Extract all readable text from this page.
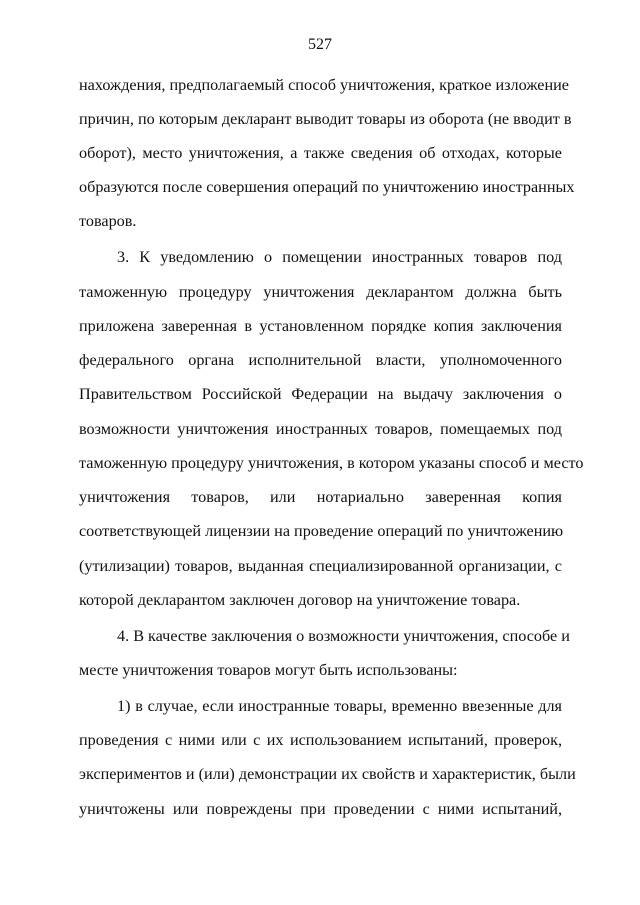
527
нахождения, предполагаемый способ уничтожения, краткое изложение
причин, по которым декларант выводит товары из оборота (не вводит в
оборот), место уничтожения, а также сведения об отходах, которые
образуются после совершения операций по уничтожению иностранных
товаров.
3. К уведомлению о помещении иностранных товаров под
таможенную процедуру уничтожения декларантом должна быть
приложена заверенная в установленном порядке копия заключения
федерального органа исполнительной власти, уполномоченного
Правительством Российской Федерации на выдачу заключения о
возможности уничтожения иностранных товаров, помещаемых под
таможенную процедуру уничтожения, в котором указаны способ и место
уничтожения товаров, или нотариально заверенная копия
соответствующей лицензии на проведение операций по уничтожению
(утилизации) товаров, выданная специализированной организации, с
которой декларантом заключен договор на уничтожение товара.
4. В качестве заключения о возможности уничтожения, способе и
месте уничтожения товаров могут быть использованы:
1) в случае, если иностранные товары, временно ввезенные для
проведения с ними или с их использованием испытаний, проверок,
экспериментов и (или) демонстрации их свойств и характеристик, были
уничтожены или повреждены при проведении с ними испытаний,
